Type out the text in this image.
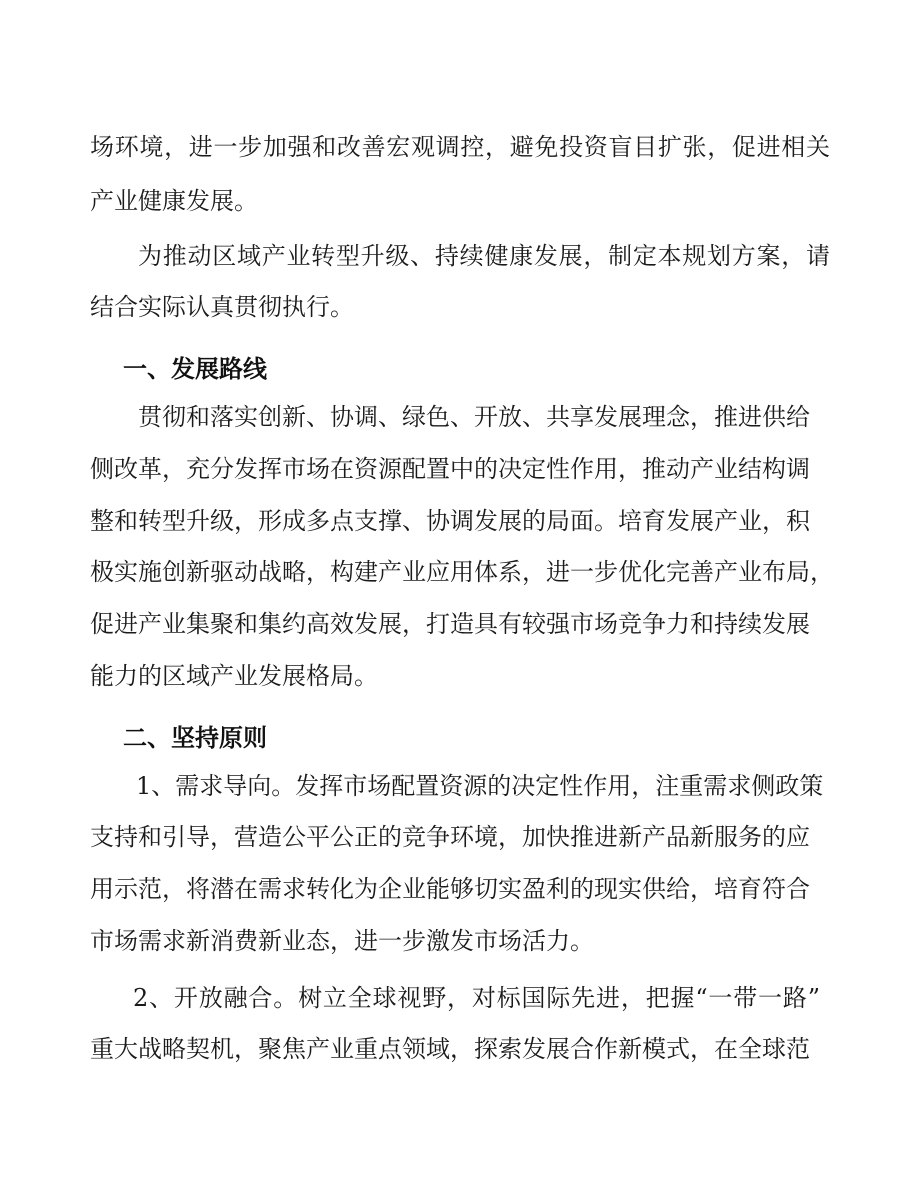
场环境，进一步加强和改善宏观调控，避免投资盲目扩张，促进相关
产业健康发展。
为推动区域产业转型升级、持续健康发展，制定本规划方案，请
结合实际认真贯彻执行。
一、发展路线
贯彻和落实创新、协调、绿色、开放、共享发展理念，推进供给
侧改革，充分发挥市场在资源配置中的决定性作用，推动产业结构调
整和转型升级，形成多点支撑、协调发展的局面。培育发展产业，积
极实施创新驱动战略，构建产业应用体系，进一步优化完善产业布局，
促进产业集聚和集约高效发展，打造具有较强市场竞争力和持续发展
能力的区域产业发展格局。
二、坚持原则
1、需求导向。发挥市场配置资源的决定性作用，注重需求侧政策
支持和引导，营造公平公正的竞争环境，加快推进新产品新服务的应
用示范，将潜在需求转化为企业能够切实盈利的现实供给，培育符合
市场需求新消费新业态，进一步激发市场活力。
2、开放融合。树立全球视野，对标国际先进，把握“一带一路”
重大战略契机，聚焦产业重点领域，探索发展合作新模式，在全球范
